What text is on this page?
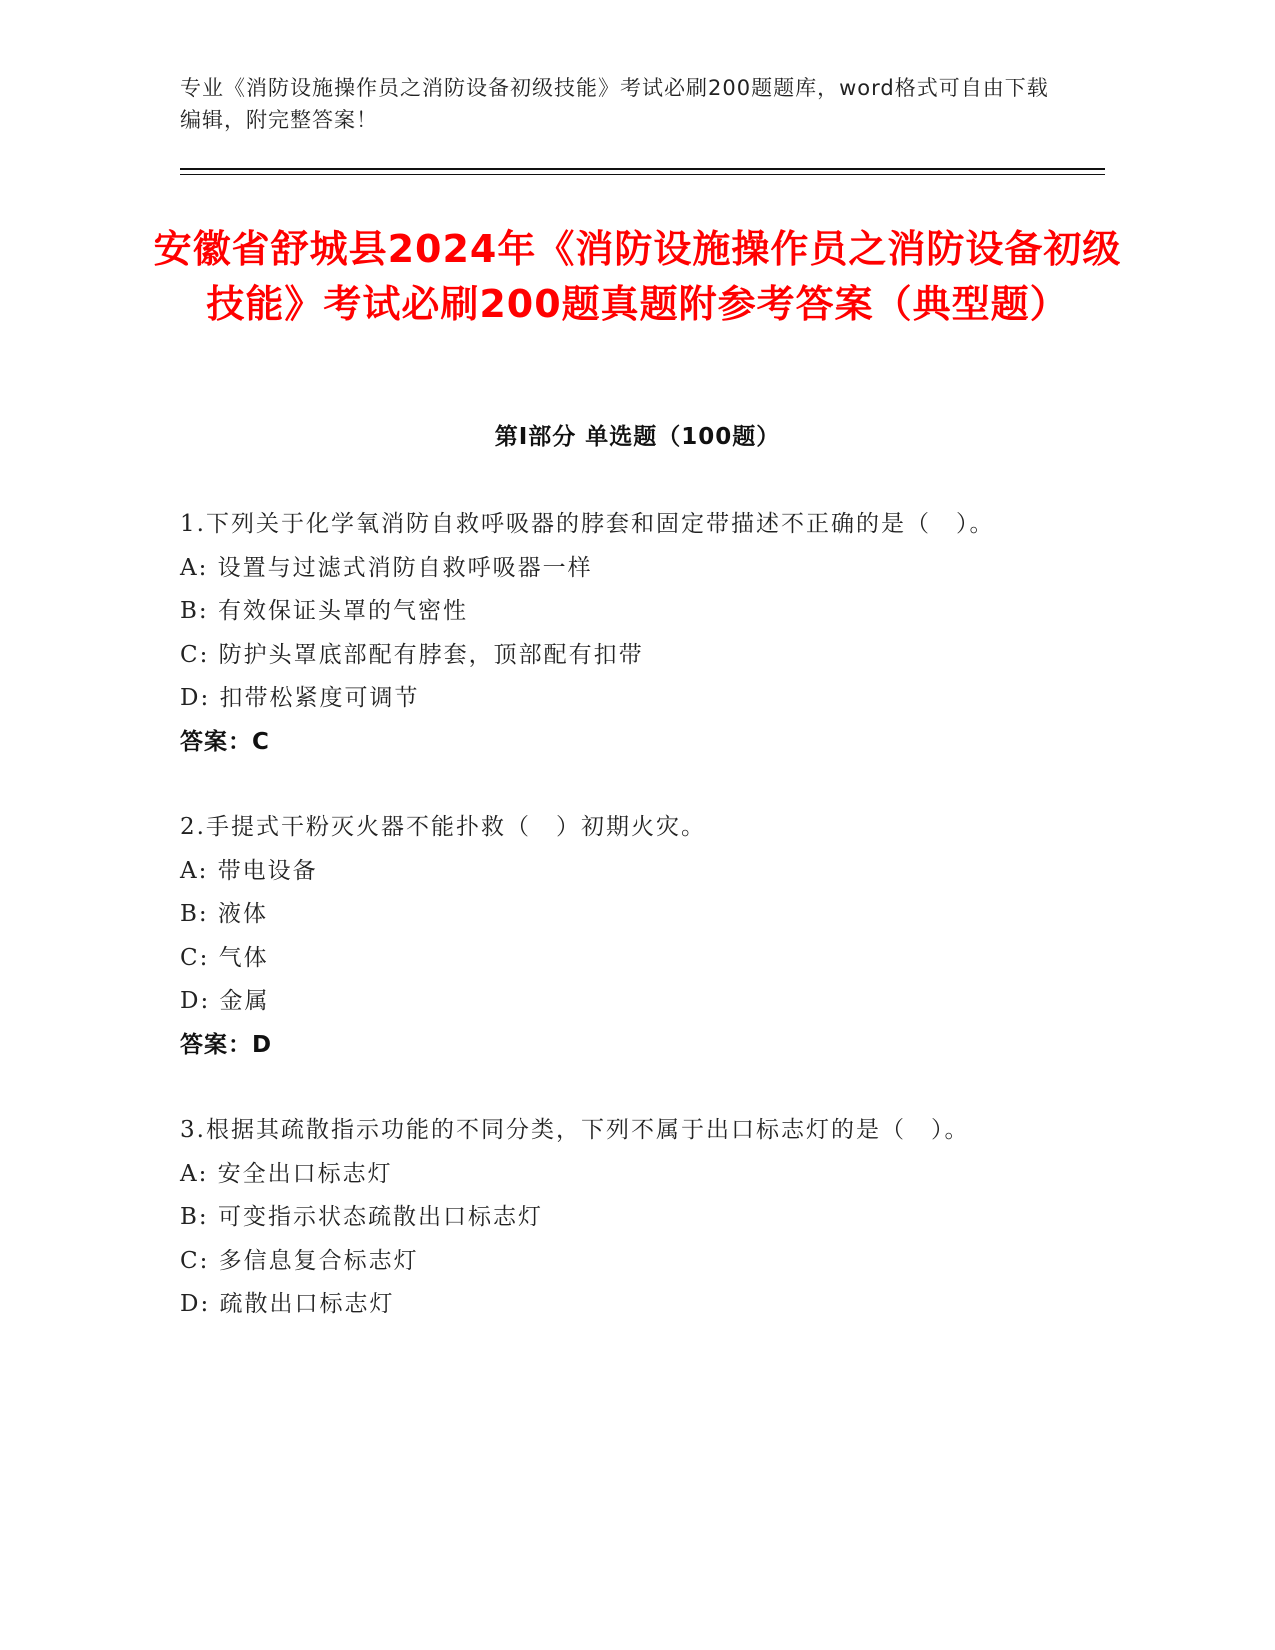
专业《消防设施操作员之消防设备初级技能》考试必刷200题题库，word格式可自由下载编辑，附完整答案！
安徽省舒城县2024年《消防设施操作员之消防设备初级技能》考试必刷200题真题附参考答案（典型题）
第I部分 单选题（100题）

1.下列关于化学氧消防自救呼吸器的脖套和固定带描述不正确的是（　）。

A: 设置与过滤式消防自救呼吸器一样

B: 有效保证头罩的气密性

C: 防护头罩底部配有脖套，顶部配有扣带

D: 扣带松紧度可调节

答案：C

2.手提式干粉灭火器不能扑救（　）初期火灾。

A: 带电设备

B: 液体

C: 气体

D: 金属

答案：D

3.根据其疏散指示功能的不同分类，下列不属于出口标志灯的是（　）。

A: 安全出口标志灯

B: 可变指示状态疏散出口标志灯

C: 多信息复合标志灯

D: 疏散出口标志灯
